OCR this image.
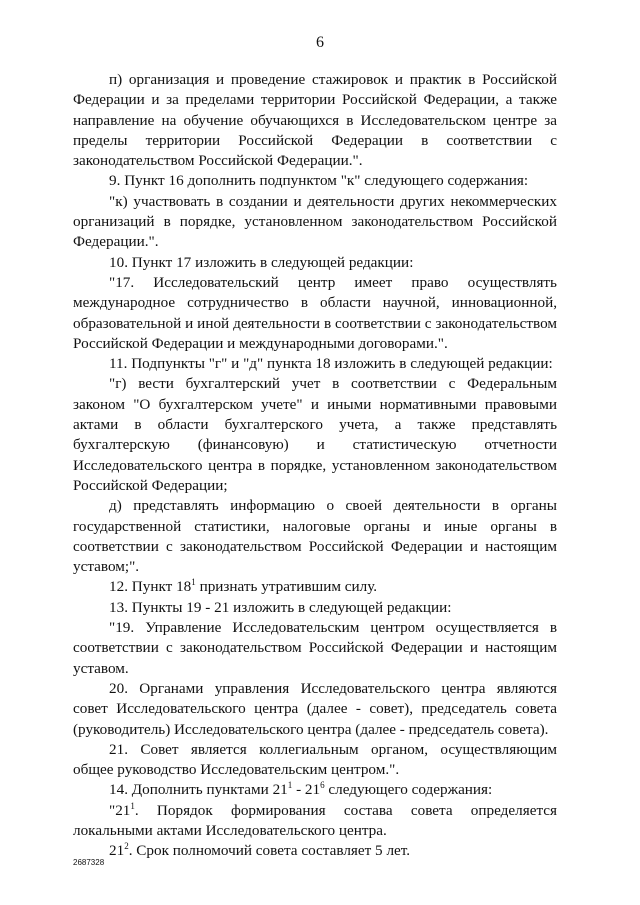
6

п) организация и проведение стажировок и практик в Российской Федерации и за пределами территории Российской Федерации, а также направление на обучение обучающихся в Исследовательском центре за пределы территории Российской Федерации в соответствии с законодательством Российской Федерации.".

9. Пункт 16 дополнить подпунктом "к" следующего содержания:

"к) участвовать в создании и деятельности других некоммерческих организаций в порядке, установленном законодательством Российской Федерации.".

10. Пункт 17 изложить в следующей редакции:

"17. Исследовательский центр имеет право осуществлять международное сотрудничество в области научной, инновационной, образовательной и иной деятельности в соответствии с законодательством Российской Федерации и международными договорами.".

11. Подпункты "г" и "д" пункта 18 изложить в следующей редакции:

"г) вести бухгалтерский учет в соответствии с Федеральным законом "О бухгалтерском учете" и иными нормативными правовыми актами в области бухгалтерского учета, а также представлять бухгалтерскую (финансовую) и статистическую отчетности Исследовательского центра в порядке, установленном законодательством Российской Федерации;

д) представлять информацию о своей деятельности в органы государственной статистики, налоговые органы и иные органы в соответствии с законодательством Российской Федерации и настоящим уставом;".

12. Пункт $18^1$ признать утратившим силу.

13. Пункты 19 - 21 изложить в следующей редакции:

"19. Управление Исследовательским центром осуществляется в соответствии с законодательством Российской Федерации и настоящим уставом.

20. Органами управления Исследовательского центра являются совет Исследовательского центра (далее - совет), председатель совета (руководитель) Исследовательского центра (далее - председатель совета).

21. Совет является коллегиальным органом, осуществляющим общее руководство Исследовательским центром.".

14. Дополнить пунктами $21^1 - 21^6$ следующего содержания:

"$21^1$. Порядок формирования состава совета определяется локальными актами Исследовательского центра.

$21^2$. Срок полномочий совета составляет 5 лет.

2687328
